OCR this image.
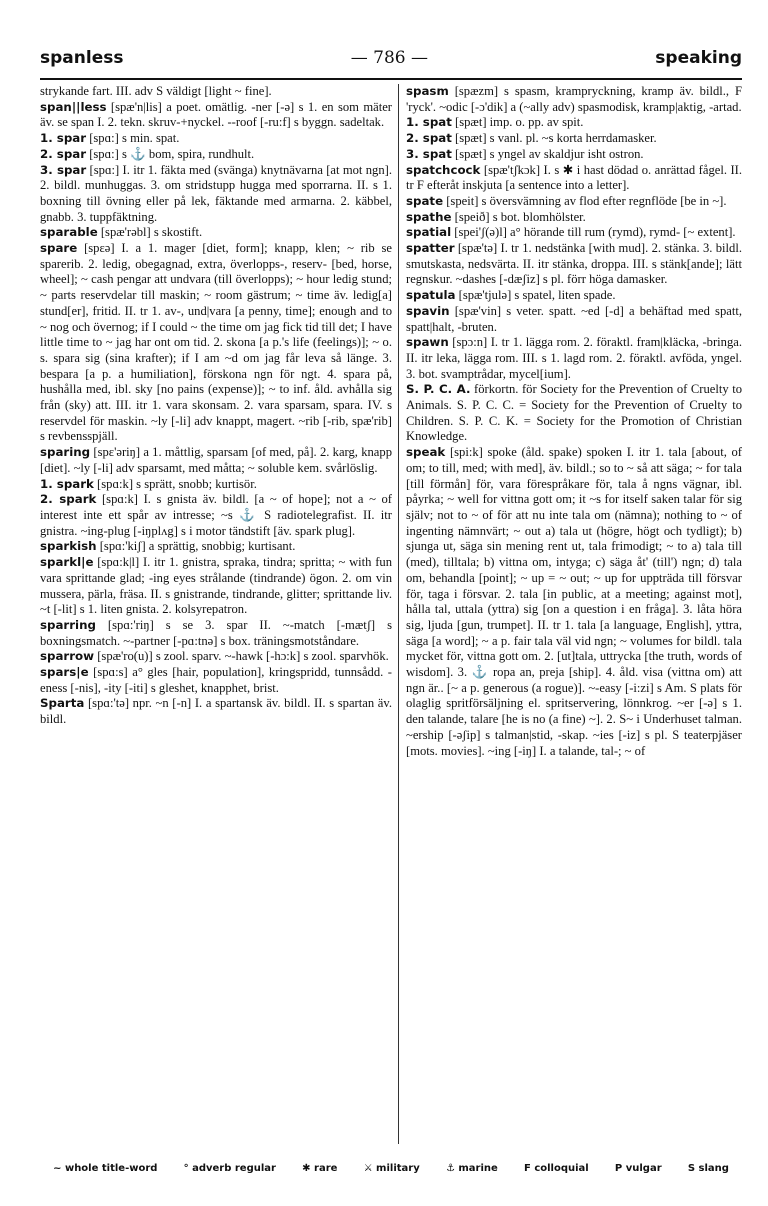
spanless	— 786 —	speaking

strykande fart. III. adv S väldigt [light ~ fine].

span||less [spæ'n|lis] a poet. omätlig. -ner [-ə] s 1. en som mäter äv. se span I. 2. tekn. skruv-+nyckel. --roof [-ru:f] s byggn. sadeltak.

1. spar [spɑ:] s min. spat.

2. spar [spɑ:] s ⚓ bom, spira, rundhult.

3. spar [spɑ:] I. itr 1. fäkta med (svänga) knytnävarna [at mot ngn]. 2. bildl. munhuggas. 3. om stridstupp hugga med sporrarna. II. s 1. boxning till övning eller på lek, fäktande med armarna. 2. käbbel, gnabb. 3. tuppfäktning.

sparable [spæ'rəbl] s skostift.

spare [spɛə] I. a 1. mager [diet, form]; knapp, klen; ~ rib se sparerib. 2. ledig, obegagnad, extra, överlopps-, reserv- [bed, horse, wheel]; ~ cash pengar att undvara (till överlopps); ~ hour ledig stund; ~ parts reservdelar till maskin; ~ room gästrum; ~ time äv. ledig[a] stund[er], fritid. II. tr 1. av-, und|vara [a penny, time]; enough and to ~ nog och övernog; if I could ~ the time om jag fick tid till det; I have little time to ~ jag har ont om tid. 2. skona [a p.'s life (feelings)]; ~ o. s. spara sig (sina krafter); if I am ~d om jag får leva så länge. 3. bespara [a p. a humiliation], förskona ngn för ngt. 4. spara på, hushålla med, ibl. sky [no pains (expense)]; ~ to inf. åld. avhålla sig från (sky) att. III. itr 1. vara skonsam. 2. vara sparsam, spara. IV. s reservdel för maskin. ~ly [-li] adv knappt, magert. ~rib [-rib, spæ'rib] s revbensspjäll.

sparing [spɛ'əriŋ] a 1. måttlig, sparsam [of med, på]. 2. karg, knapp [diet]. ~ly [-li] adv sparsamt, med måtta; ~ soluble kem. svårlöslig.

1. spark [spɑ:k] s sprätt, snobb; kurtisör.

2. spark [spɑ:k] I. s gnista äv. bildl. [a ~ of hope]; not a ~ of interest inte ett spår av intresse; ~s ⚓ S radiotelegrafist. II. itr gnistra. ~ing-plug [-iŋplʌg] s i motor tändstift [äv. spark plug].

sparkish [spɑ:'kiʃ] a sprättig, snobbig; kurtisant.

sparkl|e [spɑ:k|l] I. itr 1. gnistra, spraka, tindra; spritta; ~ with fun vara sprittande glad; -ing eyes strålande (tindrande) ögon. 2. om vin mussera, pärla, fräsa. II. s gnistrande, tindrande, glitter; sprittande liv. ~t [-lit] s 1. liten gnista. 2. kolsyrepatron.

sparring [spɑ:'riŋ] s se 3. spar II. ~-match [-mætʃ] s boxningsmatch. ~-partner [-pɑ:tnə] s box. träningsmotståndare.

sparrow [spæ'ro(u)] s zool. sparv. ~-hawk [-hɔ:k] s zool. sparvhök.

spars|e [spɑ:s] a° gles [hair, population], kringspridd, tunnsådd. -eness [-nis], -ity [-iti] s gleshet, knapphet, brist.

Sparta [spɑ:'tə] npr. ~n [-n] I. a spartansk äv. bildl. II. s spartan äv. bildl.

spasm [spæzm] s spasm, krampryckning, kramp äv. bildl., F 'ryck'. ~odic [-ɔ'dik] a (~ally adv) spasmodisk, kramp|aktig, -artad.

1. spat [spæt] imp. o. pp. av spit.

2. spat [spæt] s vanl. pl. ~s korta herrdamasker.

3. spat [spæt] s yngel av skaldjur isht ostron.

spatchcock [spæ'tʃkɔk] I. s ✱ i hast dödad o. anrättad fågel. II. tr F efteråt inskjuta [a sentence into a letter].

spate [speit] s översvämning av flod efter regnflöde [be in ~].

spathe [speið] s bot. blomhölster.

spatial [spei'ʃ(ə)l] a° hörande till rum (rymd), rymd- [~ extent].

spatter [spæ'tə] I. tr 1. nedstänka [with mud]. 2. stänka. 3. bildl. smutskasta, nedsvärta. II. itr stänka, droppa. III. s stänk[ande]; lätt regnskur. ~dashes [-dæʃiz] s pl. förr höga damasker.

spatula [spæ'tjulə] s spatel, liten spade.

spavin [spæ'vin] s veter. spatt. ~ed [-d] a behäftad med spatt, spatt|halt, -bruten.

spawn [spɔ:n] I. tr 1. lägga rom. 2. föraktl. fram|kläcka, -bringa. II. itr leka, lägga rom. III. s 1. lagd rom. 2. föraktl. avföda, yngel. 3. bot. svamptrådar, mycel[ium].

S. P. C. A. förkortn. för Society for the Prevention of Cruelty to Animals. S. P. C. C. = Society for the Prevention of Cruelty to Children. S. P. C. K. = Society for the Promotion of Christian Knowledge.

speak [spi:k] spoke (åld. spake) spoken I. itr 1. tala [about, of om; to till, med; with med], äv. bildl.; so to ~ så att säga; ~ for tala [till förmån] för, vara förespråkare för, tala å ngns vägnar, ibl. påyrka; ~ well for vittna gott om; it ~s for itself saken talar för sig själv; not to ~ of för att nu inte tala om (nämna); nothing to ~ of ingenting nämnvärt; ~ out a) tala ut (högre, högt och tydligt); b) sjunga ut, säga sin mening rent ut, tala frimodigt; ~ to a) tala till (med), tilltala; b) vittna om, intyga; c) säga åt' (till') ngn; d) tala om, behandla [point]; ~ up = ~ out; ~ up for uppträda till försvar för, taga i försvar. 2. tala [in public, at a meeting; against mot], hålla tal, uttala (yttra) sig [on a question i en fråga]. 3. låta höra sig, ljuda [gun, trumpet]. II. tr 1. tala [a language, English], yttra, säga [a word]; ~ a p. fair tala väl vid ngn; ~ volumes for bildl. tala mycket för, vittna gott om. 2. [ut]tala, uttrycka [the truth, words of wisdom]. 3. ⚓ ropa an, preja [ship]. 4. åld. visa (vittna om) att ngn är.. [~ a p. generous (a rogue)]. ~-easy [-i:zi] s Am. S plats för olaglig spritförsäljning el. spritservering, lönnkrog. ~er [-ə] s 1. den talande, talare [he is no (a fine) ~]. 2. S~ i Underhuset talman. ~ership [-əʃip] s talman|stid, -skap. ~ies [-iz] s pl. S teaterpjäser [mots. movies]. ~ing [-iŋ] I. a talande, tal-; ~ of

~ whole title-word	° adverb regular	✱ rare	⚔ military	⚓ marine	F colloquial	P vulgar	S slang
